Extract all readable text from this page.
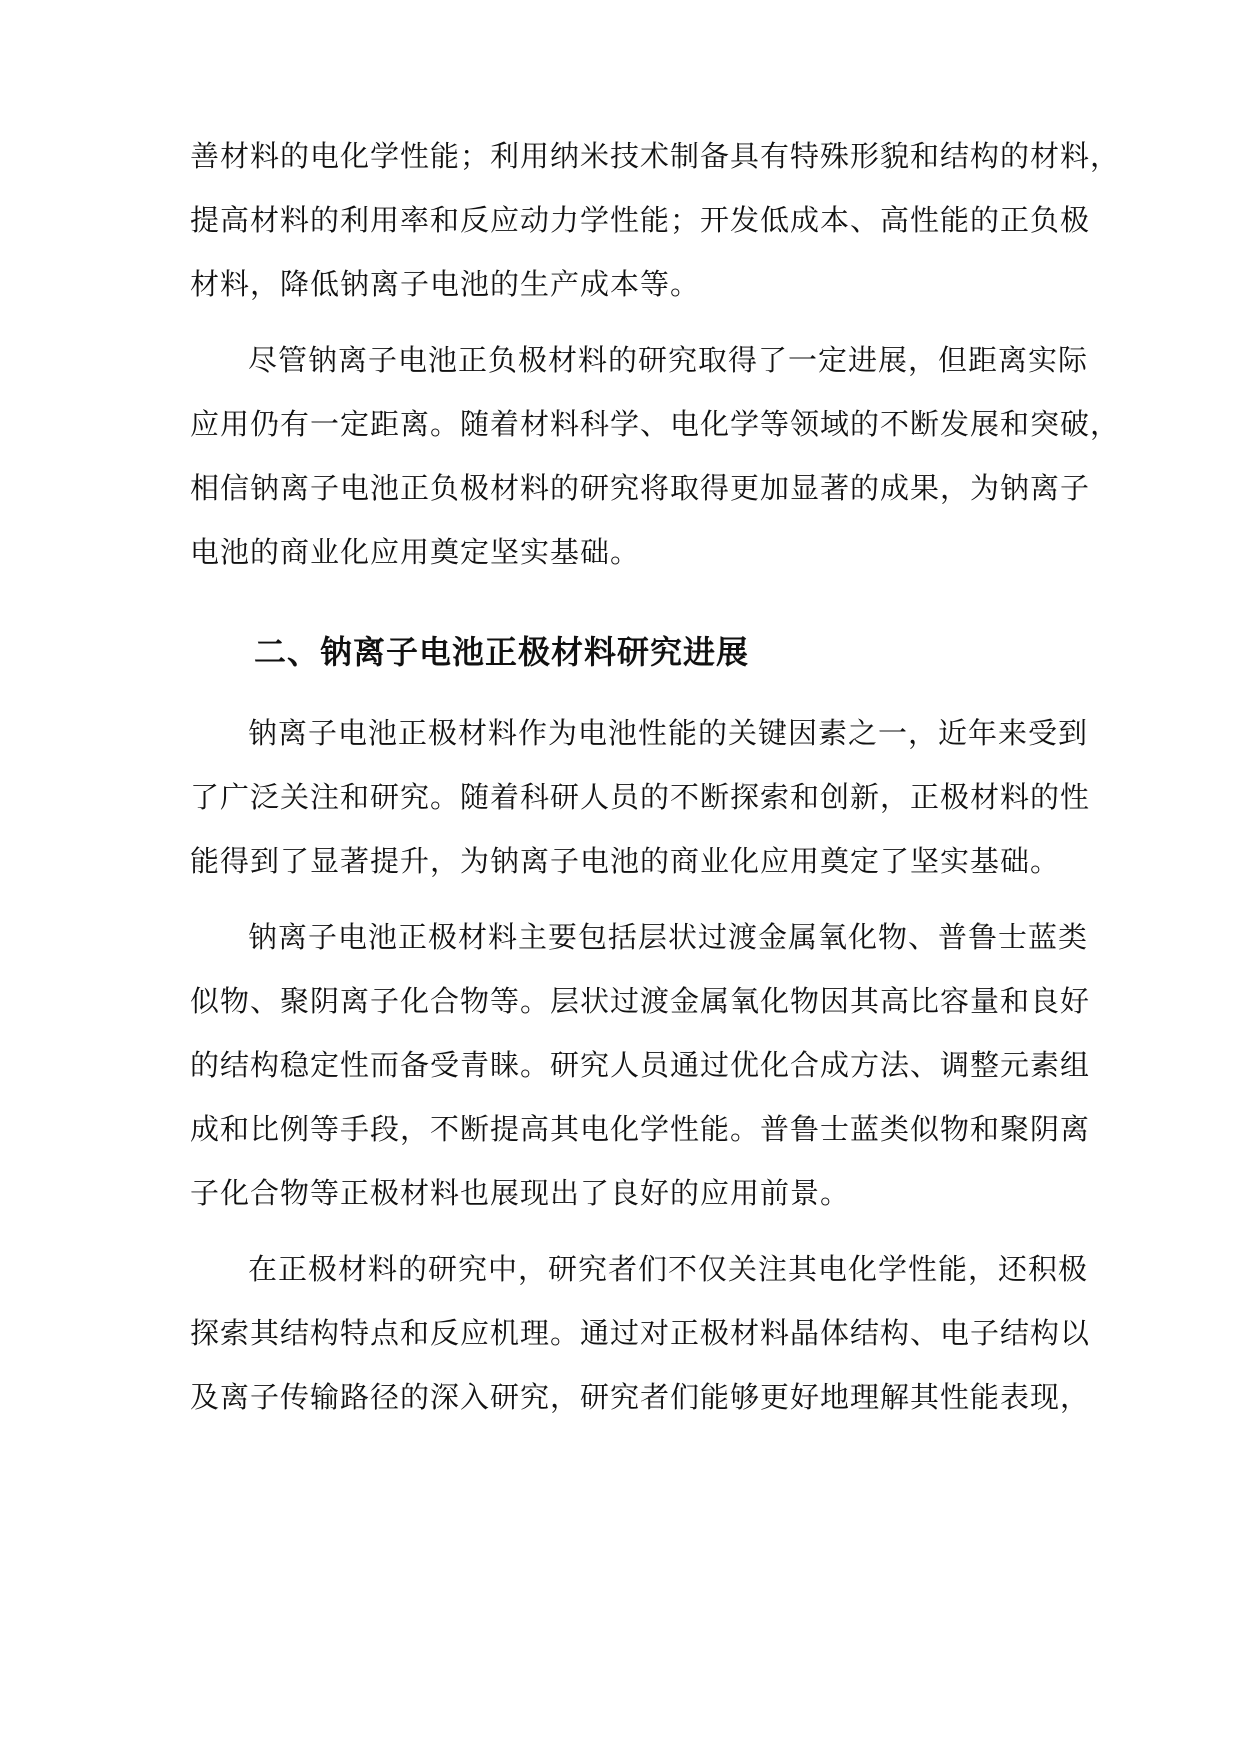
善材料的电化学性能；利用纳米技术制备具有特殊形貌和结构的材料，
提高材料的利用率和反应动力学性能；开发低成本、高性能的正负极
材料，降低钠离子电池的生产成本等。
尽管钠离子电池正负极材料的研究取得了一定进展，但距离实际
应用仍有一定距离。随着材料科学、电化学等领域的不断发展和突破，
相信钠离子电池正负极材料的研究将取得更加显著的成果，为钠离子
电池的商业化应用奠定坚实基础。
二、钠离子电池正极材料研究进展
钠离子电池正极材料作为电池性能的关键因素之一，近年来受到
了广泛关注和研究。随着科研人员的不断探索和创新，正极材料的性
能得到了显著提升，为钠离子电池的商业化应用奠定了坚实基础。
钠离子电池正极材料主要包括层状过渡金属氧化物、普鲁士蓝类
似物、聚阴离子化合物等。层状过渡金属氧化物因其高比容量和良好
的结构稳定性而备受青睐。研究人员通过优化合成方法、调整元素组
成和比例等手段，不断提高其电化学性能。普鲁士蓝类似物和聚阴离
子化合物等正极材料也展现出了良好的应用前景。
在正极材料的研究中，研究者们不仅关注其电化学性能，还积极
探索其结构特点和反应机理。通过对正极材料晶体结构、电子结构以
及离子传输路径的深入研究，研究者们能够更好地理解其性能表现，
